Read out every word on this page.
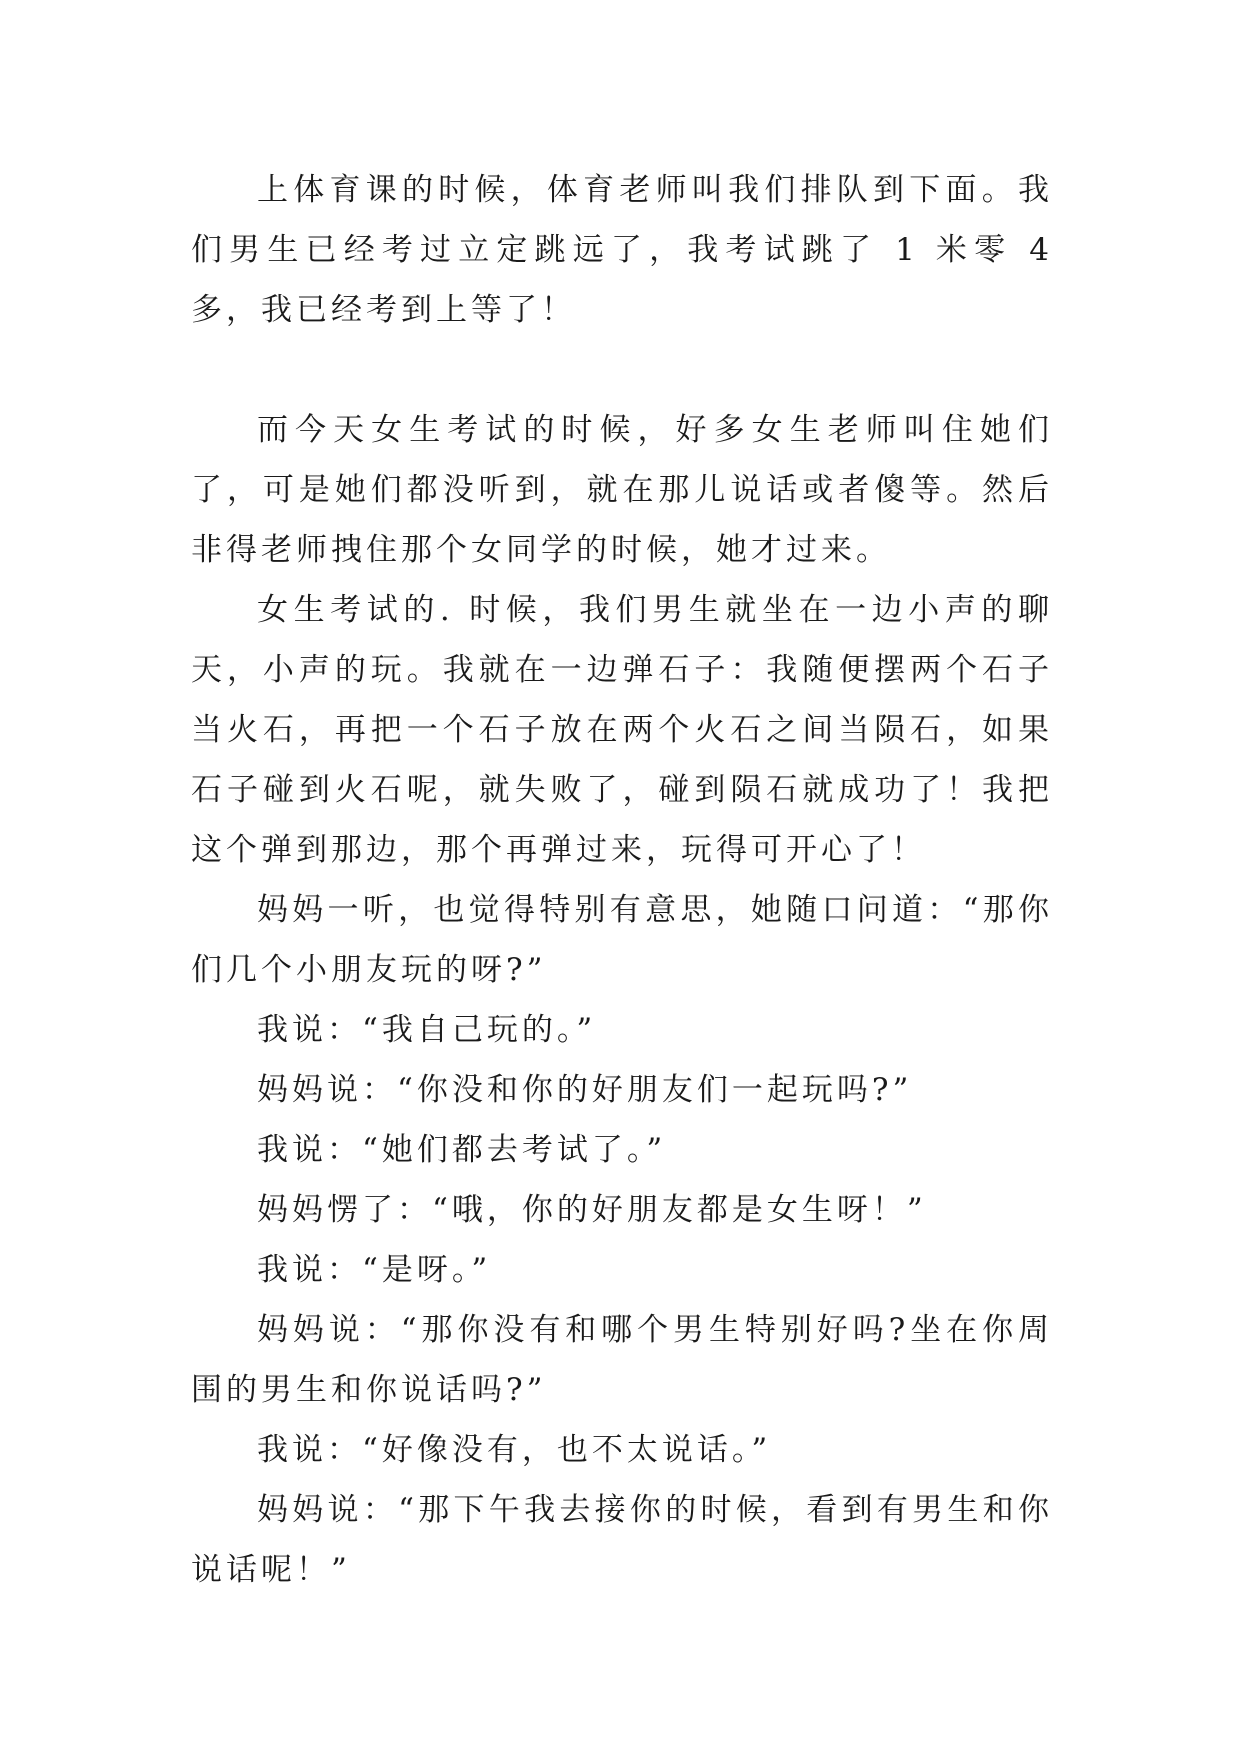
上体育课的时候，体育老师叫我们排队到下面。我们男生已经考过立定跳远了，我考试跳了 1 米零 4 多，我已经考到上等了！

而今天女生考试的时候，好多女生老师叫住她们了，可是她们都没听到，就在那儿说话或者傻等。然后非得老师拽住那个女同学的时候，她才过来。

女生考试的. 时候，我们男生就坐在一边小声的聊天，小声的玩。我就在一边弹石子：我随便摆两个石子当火石，再把一个石子放在两个火石之间当陨石，如果石子碰到火石呢，就失败了，碰到陨石就成功了！我把这个弹到那边，那个再弹过来，玩得可开心了！

妈妈一听，也觉得特别有意思，她随口问道：“那你们几个小朋友玩的呀?”

我说：“我自己玩的。”

妈妈说：“你没和你的好朋友们一起玩吗?”

我说：“她们都去考试了。”

妈妈愣了：“哦，你的好朋友都是女生呀！”

我说：“是呀。”

妈妈说：“那你没有和哪个男生特别好吗?坐在你周围的男生和你说话吗?”

我说：“好像没有，也不太说话。”

妈妈说：“那下午我去接你的时候，看到有男生和你说话呢！”
